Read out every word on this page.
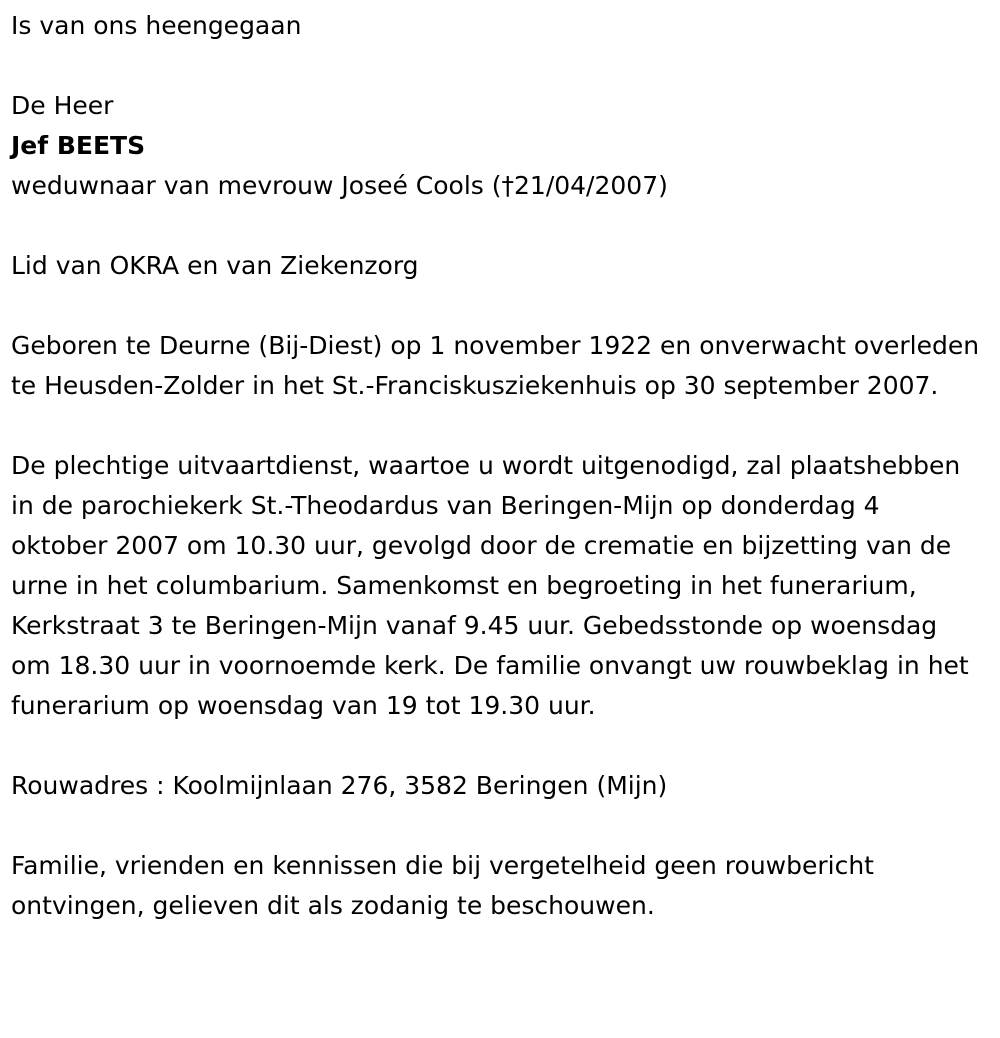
Is van ons heengegaan

De Heer

Jef BEETS

weduwnaar van mevrouw Joseé Cools (†21/04/2007)

Lid van OKRA en van Ziekenzorg

Geboren te Deurne (Bij-Diest) op 1 november 1922 en onverwacht overleden te Heusden-Zolder in het St.-Franciskusziekenhuis op 30 september 2007.

De plechtige uitvaartdienst, waartoe u wordt uitgenodigd, zal plaatshebben in de parochiekerk St.-Theodardus van Beringen-Mijn op donderdag 4 oktober 2007 om 10.30 uur, gevolgd door de crematie en bijzetting van de urne in het columbarium. Samenkomst en begroeting in het funerarium, Kerkstraat 3 te Beringen-Mijn vanaf 9.45 uur. Gebedsstonde op woensdag om 18.30 uur in voornoemde kerk. De familie onvangt uw rouwbeklag in het funerarium op woensdag van 19 tot 19.30 uur.

Rouwadres : Koolmijnlaan 276, 3582 Beringen (Mijn)

Familie, vrienden en kennissen die bij vergetelheid geen rouwbericht ontvingen, gelieven dit als zodanig te beschouwen.
